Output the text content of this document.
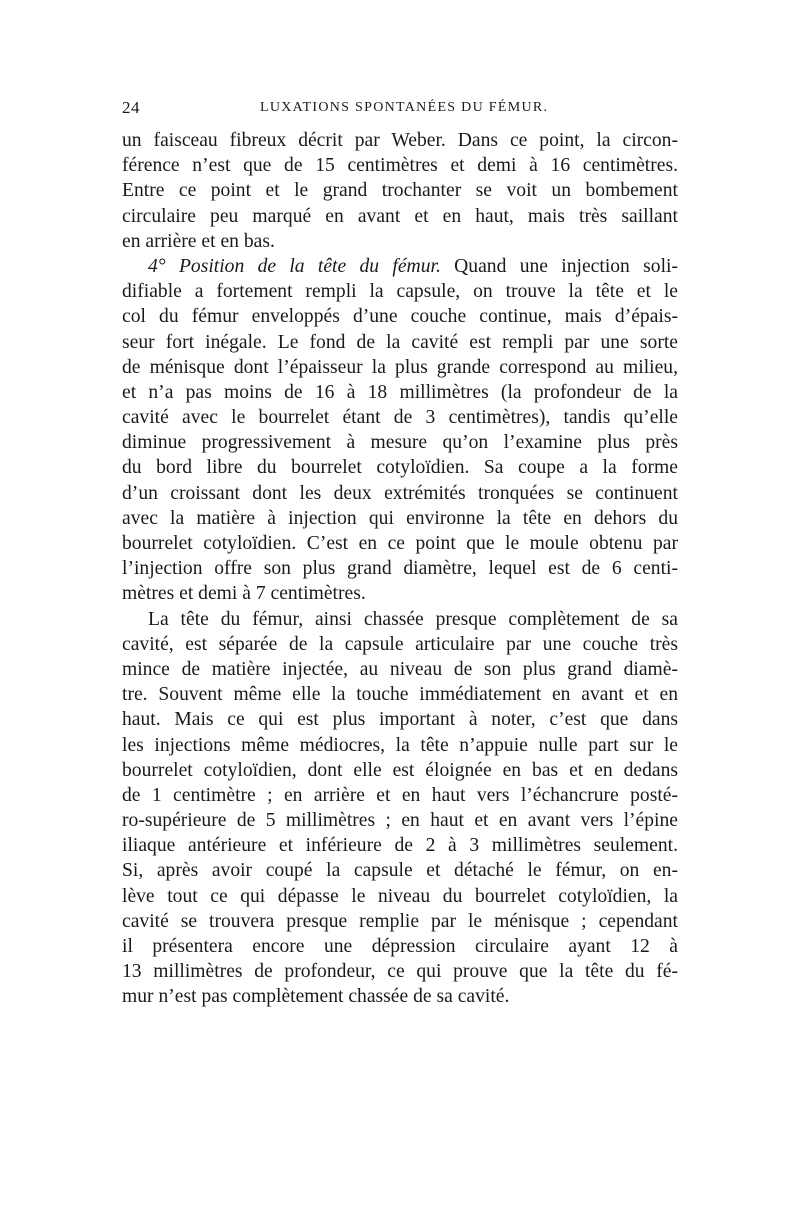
24	LUXATIONS SPONTANÉES DU FÉMUR.
un faisceau fibreux décrit par Weber. Dans ce point, la circon-
férence n’est que de 15 centimètres et demi à 16 centimètres.
Entre ce point et le grand trochanter se voit un bombement
circulaire peu marqué en avant et en haut, mais très saillant
en arrière et en bas.
4° Position de la tête du fémur. Quand une injection soli-
difiable a fortement rempli la capsule, on trouve la tête et le
col du fémur enveloppés d’une couche continue, mais d’épais-
seur fort inégale. Le fond de la cavité est rempli par une sorte
de ménisque dont l’épaisseur la plus grande correspond au milieu,
et n’a pas moins de 16 à 18 millimètres (la profondeur de la
cavité avec le bourrelet étant de 3 centimètres), tandis qu’elle
diminue progressivement à mesure qu’on l’examine plus près
du bord libre du bourrelet cotyloïdien. Sa coupe a la forme
d’un croissant dont les deux extrémités tronquées se continuent
avec la matière à injection qui environne la tête en dehors du
bourrelet cotyloïdien. C’est en ce point que le moule obtenu par
l’injection offre son plus grand diamètre, lequel est de 6 centi-
mètres et demi à 7 centimètres.
La tête du fémur, ainsi chassée presque complètement de sa
cavité, est séparée de la capsule articulaire par une couche très
mince de matière injectée, au niveau de son plus grand diamè-
tre. Souvent même elle la touche immédiatement en avant et en
haut. Mais ce qui est plus important à noter, c’est que dans
les injections même médiocres, la tête n’appuie nulle part sur le
bourrelet cotyloïdien, dont elle est éloignée en bas et en dedans
de 1 centimètre ; en arrière et en haut vers l’échancrure posté-
ro-supérieure de 5 millimètres ; en haut et en avant vers l’épine
iliaque antérieure et inférieure de 2 à 3 millimètres seulement.
Si, après avoir coupé la capsule et détaché le fémur, on en-
lève tout ce qui dépasse le niveau du bourrelet cotyloïdien, la
cavité se trouvera presque remplie par le ménisque ; cependant
il présentera encore une dépression circulaire ayant 12 à
13 millimètres de profondeur, ce qui prouve que la tête du fé-
mur n’est pas complètement chassée de sa cavité.
